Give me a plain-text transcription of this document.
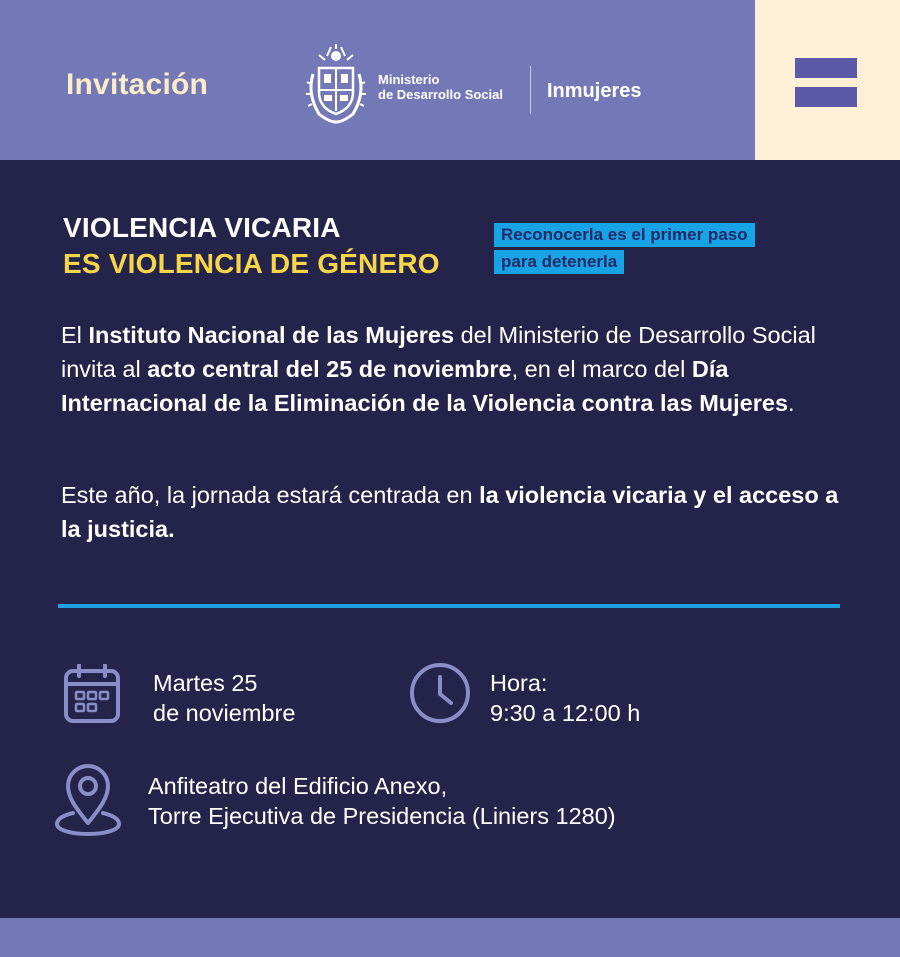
Invitación	Ministerio
de Desarrollo Social Inmujeres
VIOLENCIA VICARIA
ES VIOLENCIA DE GÉNERO
Reconocerla es el primer paso
para detenerla
El Instituto Nacional de las Mujeres del Ministerio de Desarrollo Social invita al acto central del 25 de noviembre, en el marco del Día Internacional de la Eliminación de la Violencia contra las Mujeres.
Este año, la jornada estará centrada en la violencia vicaria y el acceso a la justicia.
Martes 25
de noviembre
Hora:
9:30 a 12:00 h
Anfiteatro del Edificio Anexo,
Torre Ejecutiva de Presidencia (Liniers 1280)
